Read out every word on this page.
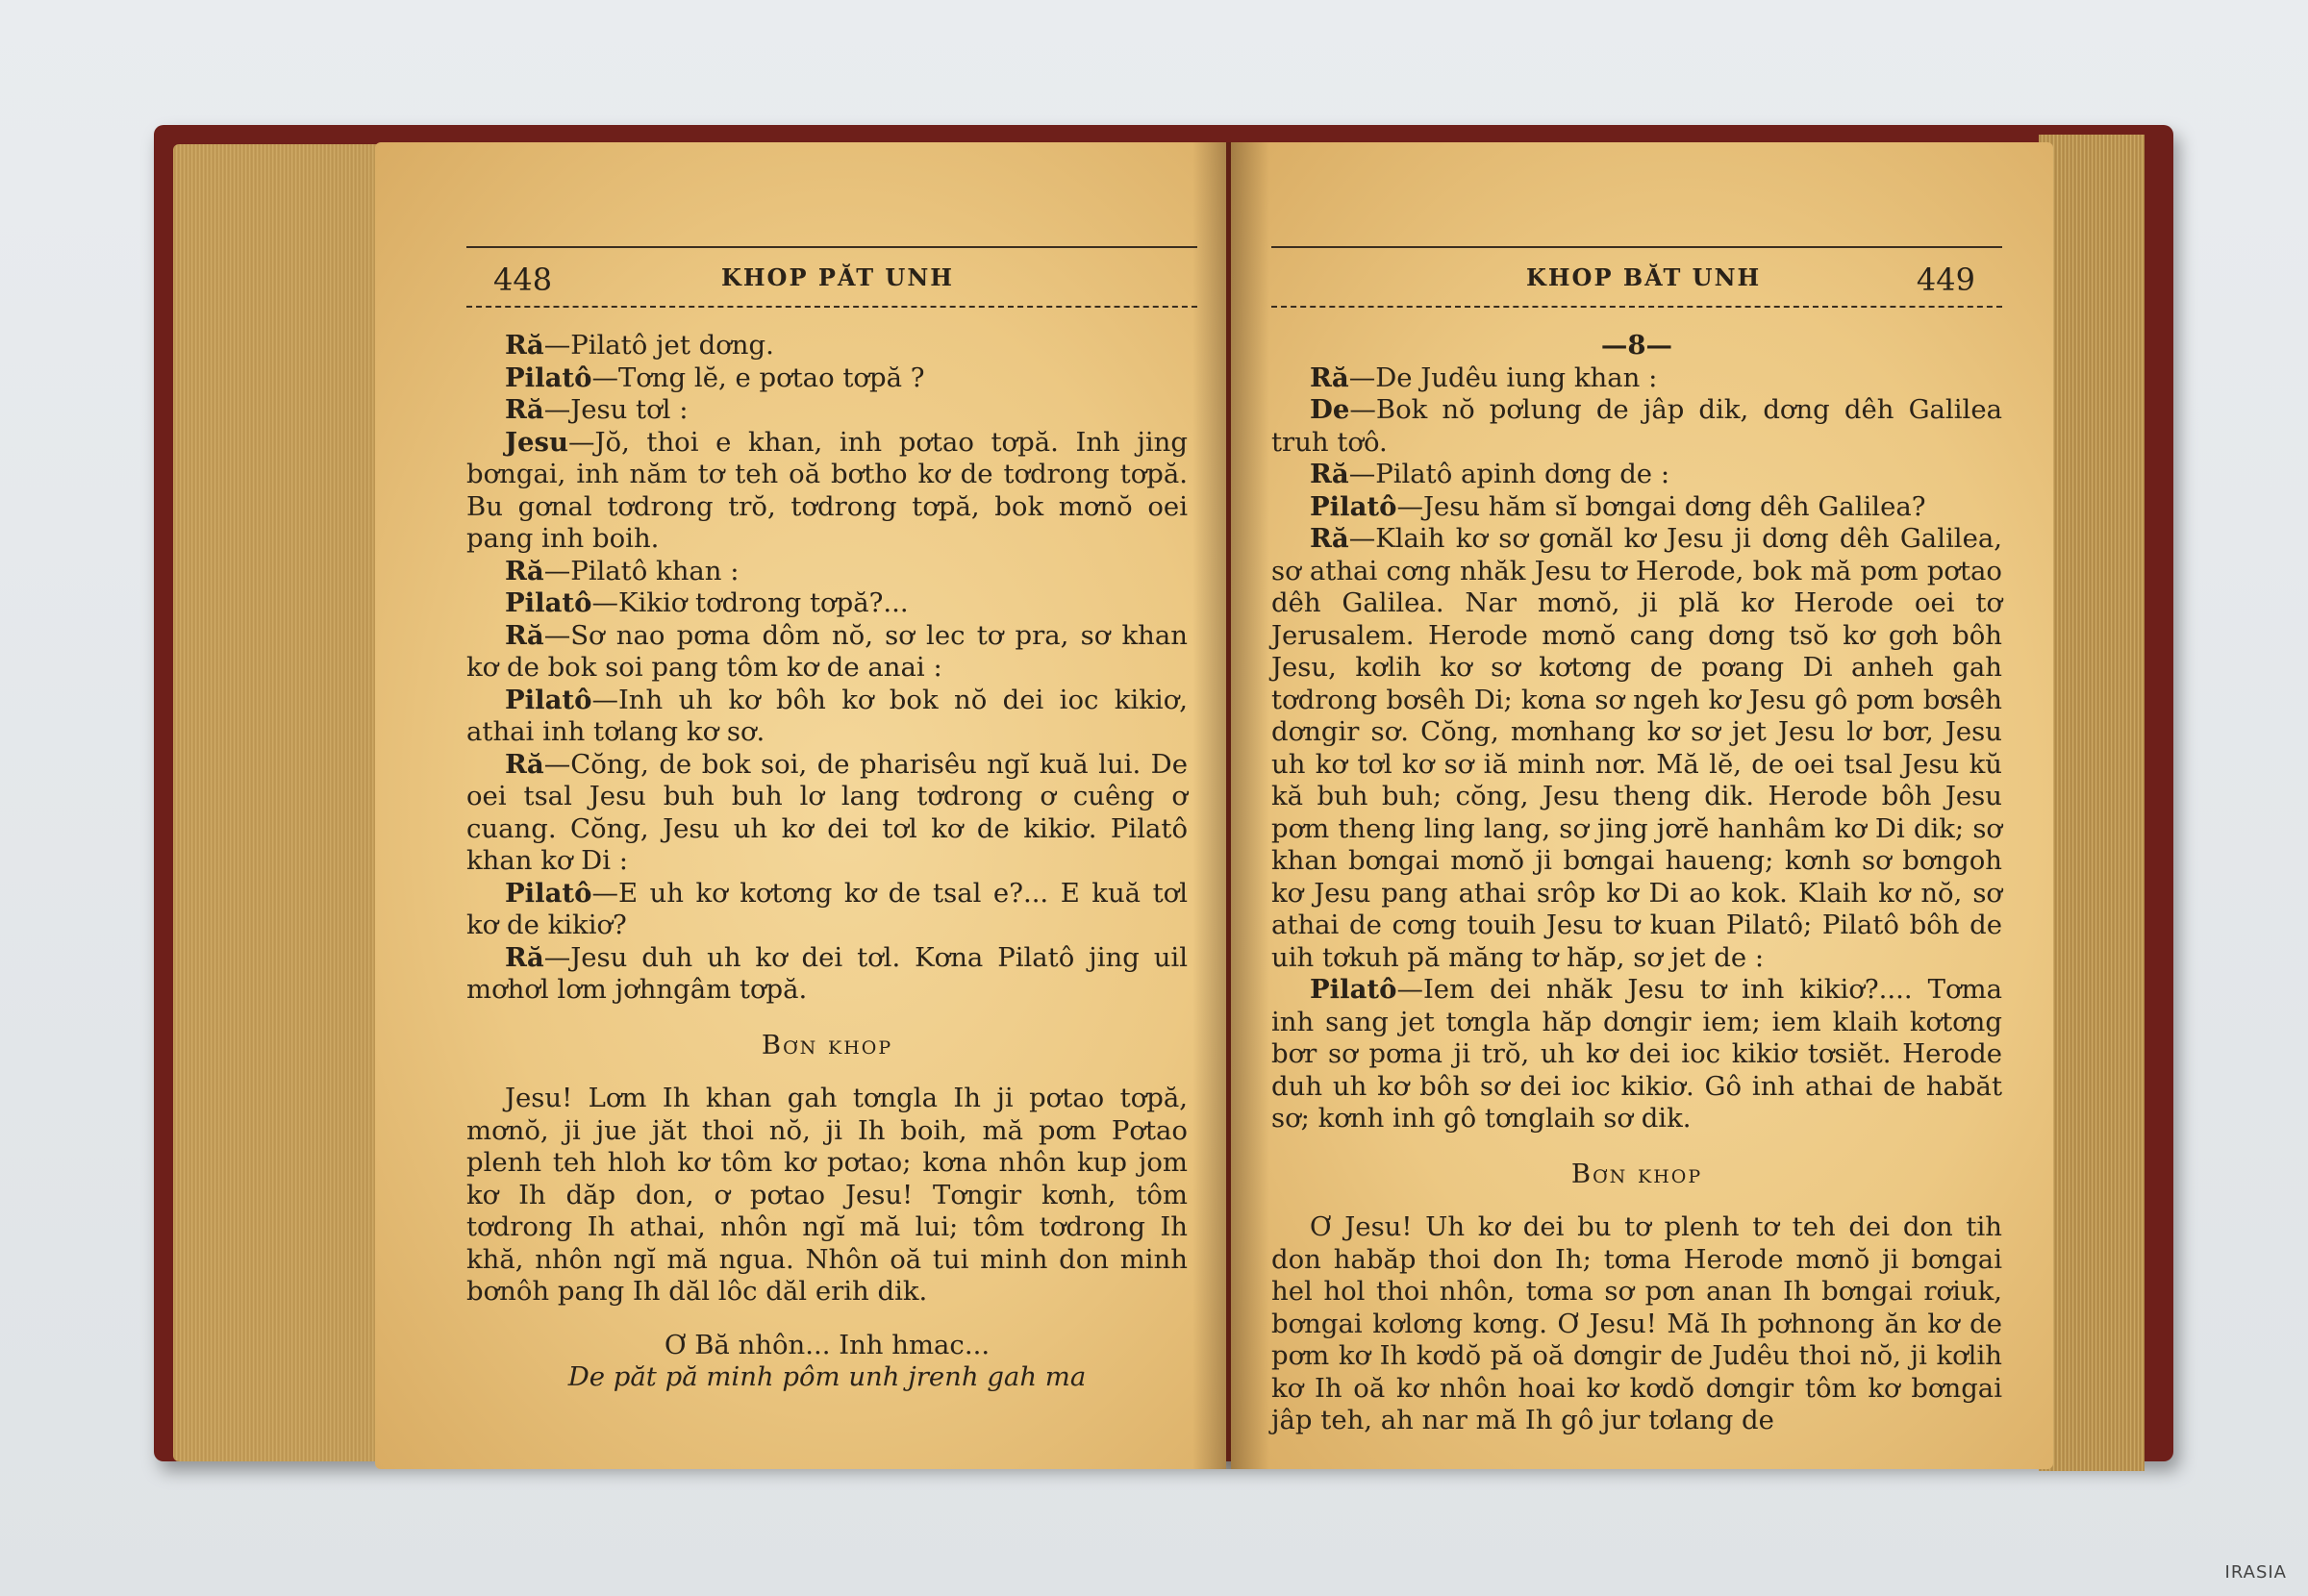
448	KHOP PĂT UNH

Ră—Pilatô jet dơng.

Pilatô—Tơng lĕ, e pơtao tơpă ?

Ră—Jesu tơl :

Jesu—Jŏ, thoi e khan, inh pơtao tơpă. Inh jing bơngai, inh năm tơ teh oă bơtho kơ de tơdrong tơpă. Bu gơnal tơdrong trŏ, tơdrong tơpă, bok mơnŏ oei pang inh boih.

Ră—Pilatô khan :

Pilatô—Kikiơ tơdrong tơpă?...

Ră—Sơ nao pơma dôm nŏ, sơ lec tơ pra, sơ khan kơ de bok soi pang tôm kơ de anai :

Pilatô—Inh uh kơ bôh kơ bok nŏ dei ioc kikiơ, athai inh tơlang kơ sơ.

Ră—Cŏng, de bok soi, de pharisêu ngĭ kuă lui. De oei tsal Jesu buh buh lơ lang tơdrong ơ cuêng ơ cuang. Cŏng, Jesu uh kơ dei tơl kơ de kikiơ. Pilatô khan kơ Di :

Pilatô—E uh kơ kơtơng kơ de tsal e?... E kuă tơl kơ de kikiơ?

Ră—Jesu duh uh kơ dei tơl. Kơna Pilatô jing uil mơhơl lơm jơhngâm tơpă.

Bơn khop

Jesu! Lơm Ih khan gah tơngla Ih ji pơtao tơpă, mơnŏ, ji jue jăt thoi nŏ, ji Ih boih, mă pơm Pơtao plenh teh hloh kơ tôm kơ pơtao; kơna nhôn kup jom kơ Ih dăp don, ơ pơtao Jesu! Tơngir kơnh, tôm tơdrong Ih athai, nhôn ngĭ mă lui; tôm tơdrong Ih khă, nhôn ngĭ mă ngua. Nhôn oă tui minh don minh bơnôh pang Ih dăl lôc dăl erih dik.

Ơ Bă nhôn... Inh hmac...

De păt pă minh pôm unh jrenh gah ma

KHOP BĂT UNH	449

—8—

Ră—De Judêu iung khan :

De—Bok nŏ pơlung de jâp dik, dơng dêh Galilea truh tơô.

Ră—Pilatô apinh dơng de :

Pilatô—Jesu hăm sĭ bơngai dơng dêh Galilea?

Ră—Klaih kơ sơ gơnăl kơ Jesu ji dơng dêh Galilea, sơ athai cơng nhăk Jesu tơ Herode, bok mă pơm pơtao dêh Galilea. Nar mơnŏ, ji plă kơ Herode oei tơ Jerusalem. Herode mơnŏ cang dơng tsŏ kơ gơh bôh Jesu, kơlih kơ sơ kơtơng de pơang Di anheh gah tơdrong bơsêh Di; kơna sơ ngeh kơ Jesu gô pơm bơsêh dơngir sơ. Cŏng, mơnhang kơ sơ jet Jesu lơ bơr, Jesu uh kơ tơl kơ sơ iă minh nơr. Mă lĕ, de oei tsal Jesu kŭ kă buh buh; cŏng, Jesu theng dik. Herode bôh Jesu pơm theng ling lang, sơ jing jơrĕ hanhâm kơ Di dik; sơ khan bơngai mơnŏ ji bơngai haueng; kơnh sơ bơngoh kơ Jesu pang athai srôp kơ Di ao kok. Klaih kơ nŏ, sơ athai de cơng touih Jesu tơ kuan Pilatô; Pilatô bôh de uih tơkuh pă măng tơ hăp, sơ jet de :

Pilatô—Iem dei nhăk Jesu tơ inh kikiơ?.... Tơma inh sang jet tơngla hăp dơngir iem; iem klaih kơtơng bơr sơ pơma ji trŏ, uh kơ dei ioc kikiơ tơsiĕt. Herode duh uh kơ bôh sơ dei ioc kikiơ. Gô inh athai de habăt sơ; kơnh inh gô tơnglaih sơ dik.

Bơn khop

Ơ Jesu! Uh kơ dei bu tơ plenh tơ teh dei don tih don habăp thoi don Ih; tơma Herode mơnŏ ji bơngai hel hol thoi nhôn, tơma sơ pơn anan Ih bơngai rơiuk, bơngai kơlơng kơng. Ơ Jesu! Mă Ih pơhnong ăn kơ de pơm kơ Ih kơdŏ pă oă dơngir de Judêu thoi nŏ, ji kơlih kơ Ih oă kơ nhôn hoai kơ kơdŏ dơngir tôm kơ bơngai jâp teh, ah nar mă Ih gô jur tơlang de

IRASIA
